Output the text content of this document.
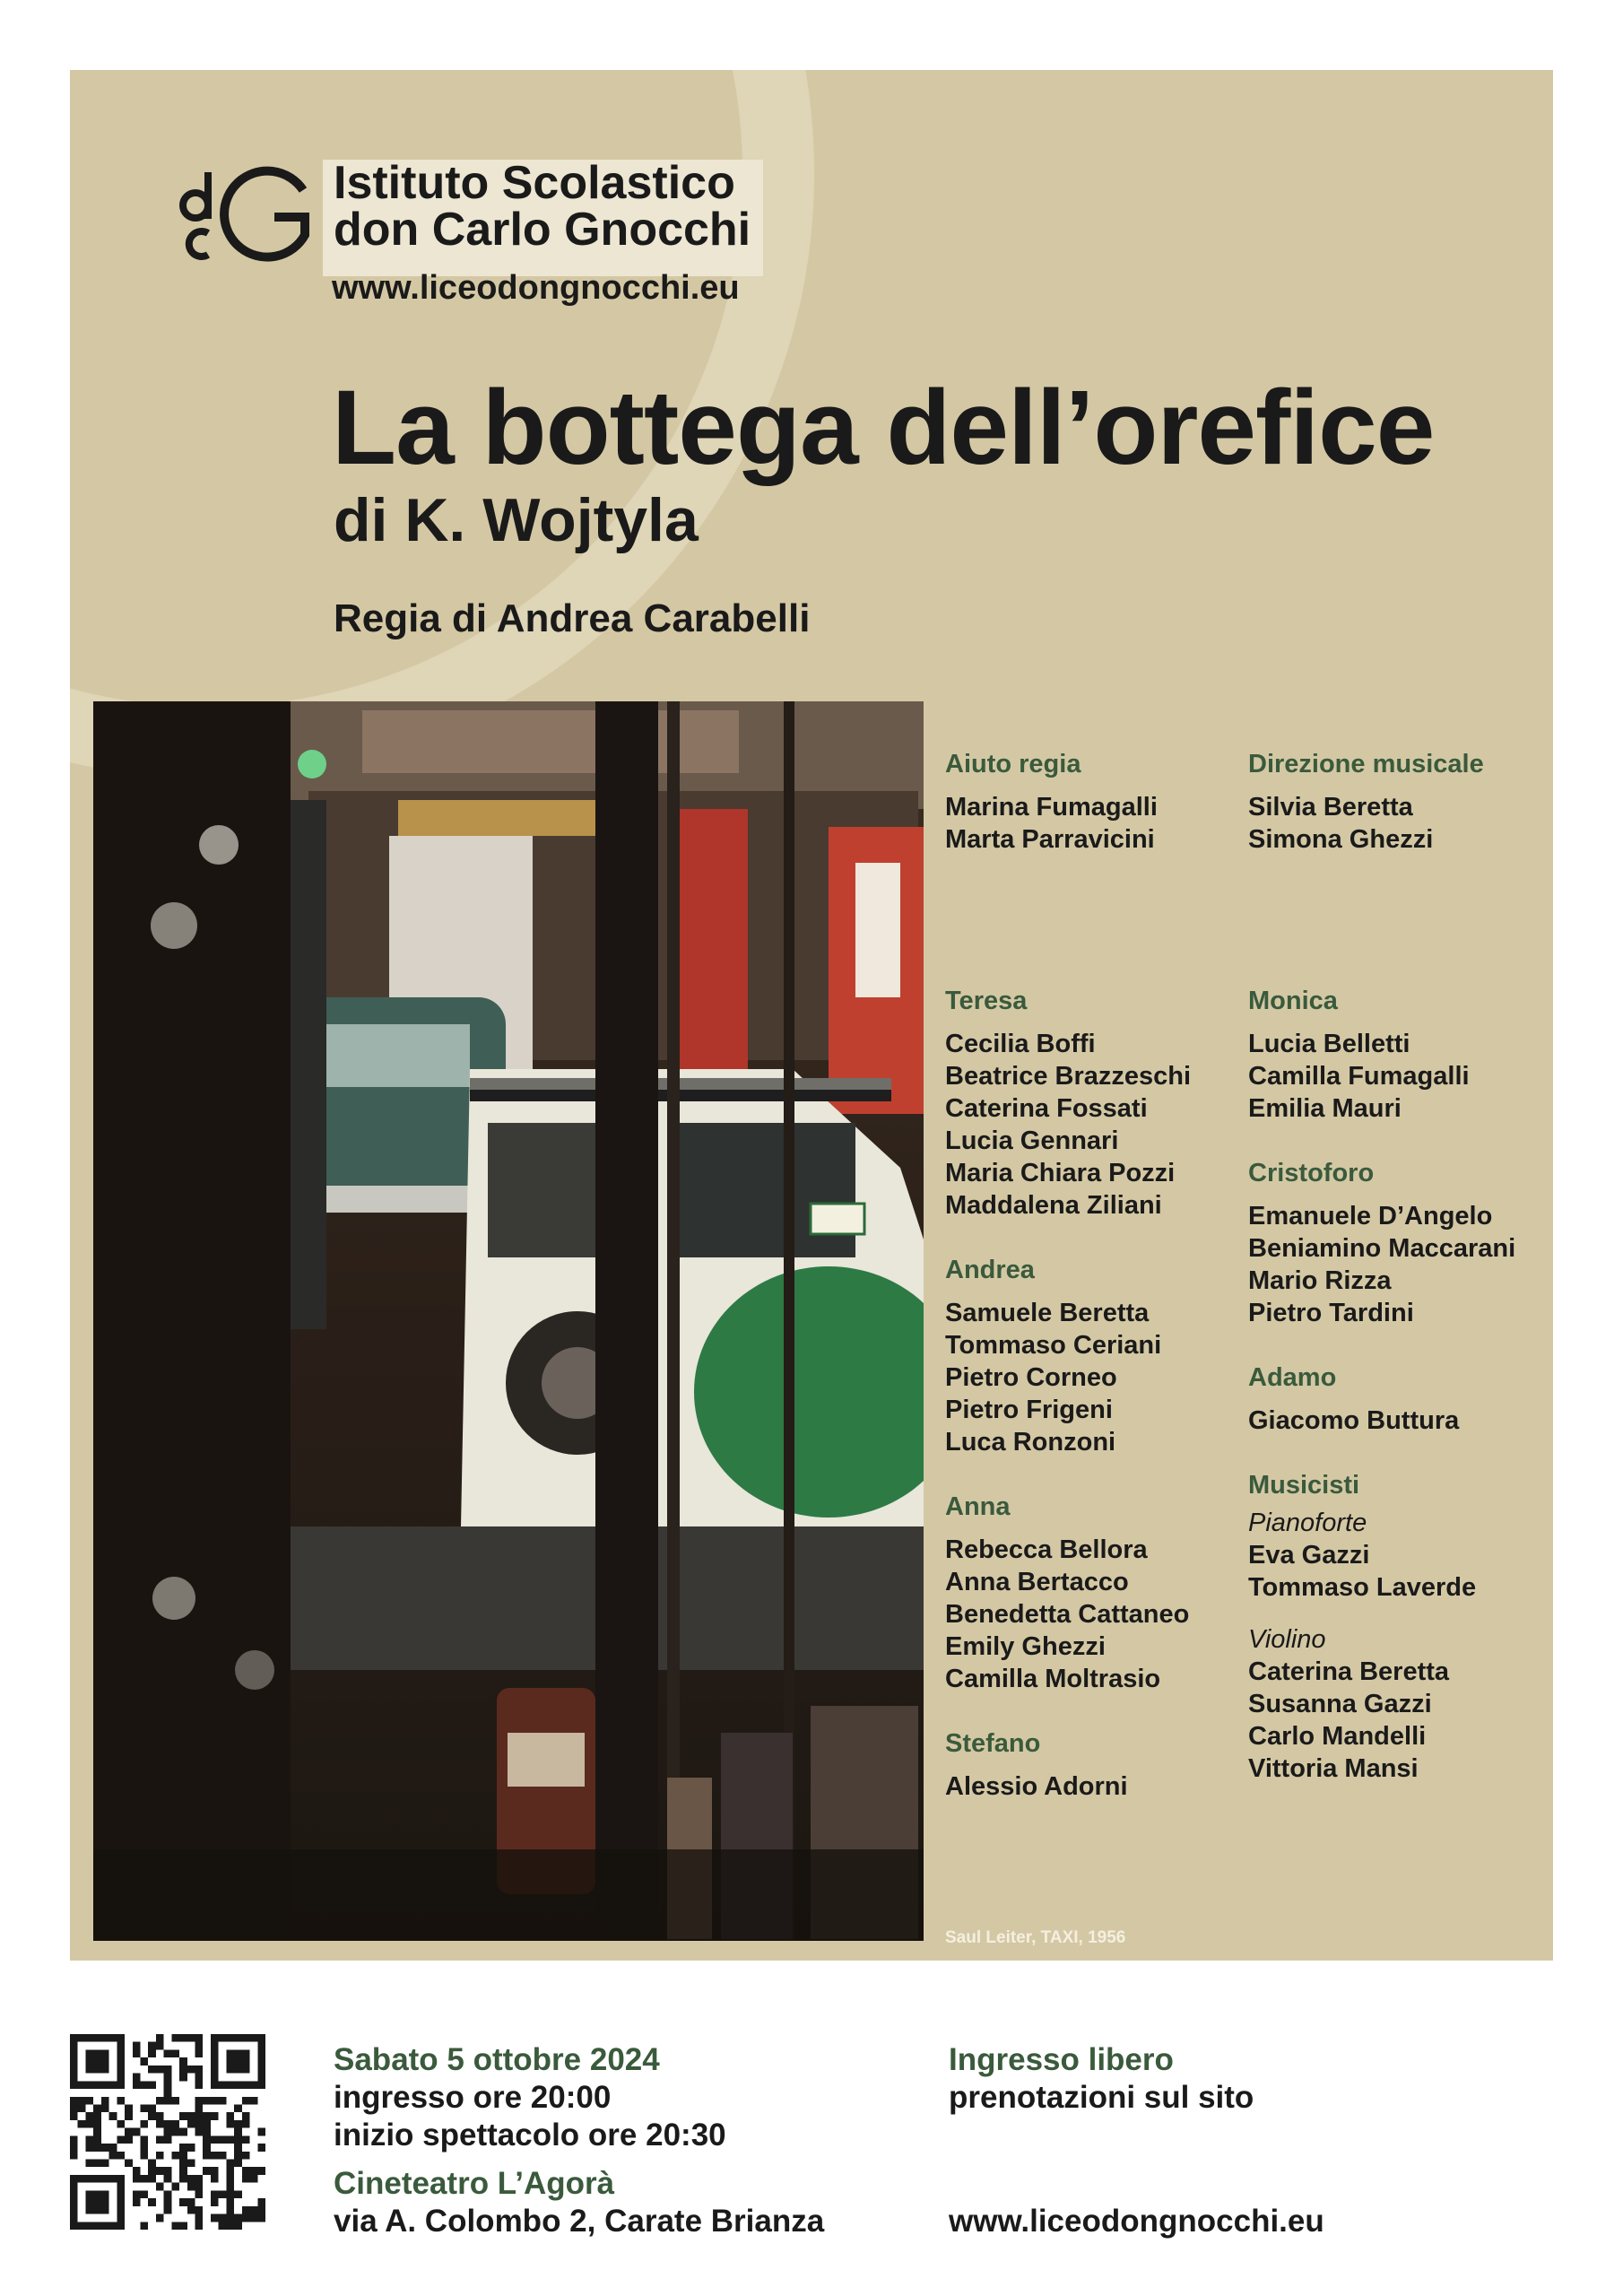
Istituto Scolastico
don Carlo Gnocchi
www.liceodongnocchi.eu
La bottega dell’orefice
di K. Wojtyla
Regia di Andrea Carabelli
Saul Leiter, TAXI, 1956
Aiuto regia
Marina Fumagalli
Marta Parravicini
Teresa
Cecilia Boffi
Beatrice Brazzeschi
Caterina Fossati
Lucia Gennari
Maria Chiara Pozzi
Maddalena Ziliani
Andrea
Samuele Beretta
Tommaso Ceriani
Pietro Corneo
Pietro Frigeni
Luca Ronzoni
Anna
Rebecca Bellora
Anna Bertacco
Benedetta Cattaneo
Emily Ghezzi
Camilla Moltrasio
Stefano
Alessio Adorni
Direzione musicale
Silvia Beretta
Simona Ghezzi
Monica
Lucia Belletti
Camilla Fumagalli
Emilia Mauri
Cristoforo
Emanuele D’Angelo
Beniamino Maccarani
Mario Rizza
Pietro Tardini
Adamo
Giacomo Buttura
Musicisti
Pianoforte
Eva Gazzi
Tommaso Laverde
Violino
Caterina Beretta
Susanna Gazzi
Carlo Mandelli
Vittoria Mansi
Sabato 5 ottobre 2024
ingresso ore 20:00
inizio spettacolo ore 20:30
Cineteatro L’Agorà
via A. Colombo 2, Carate Brianza
Ingresso libero
prenotazioni sul sito
www.liceodongnocchi.eu
